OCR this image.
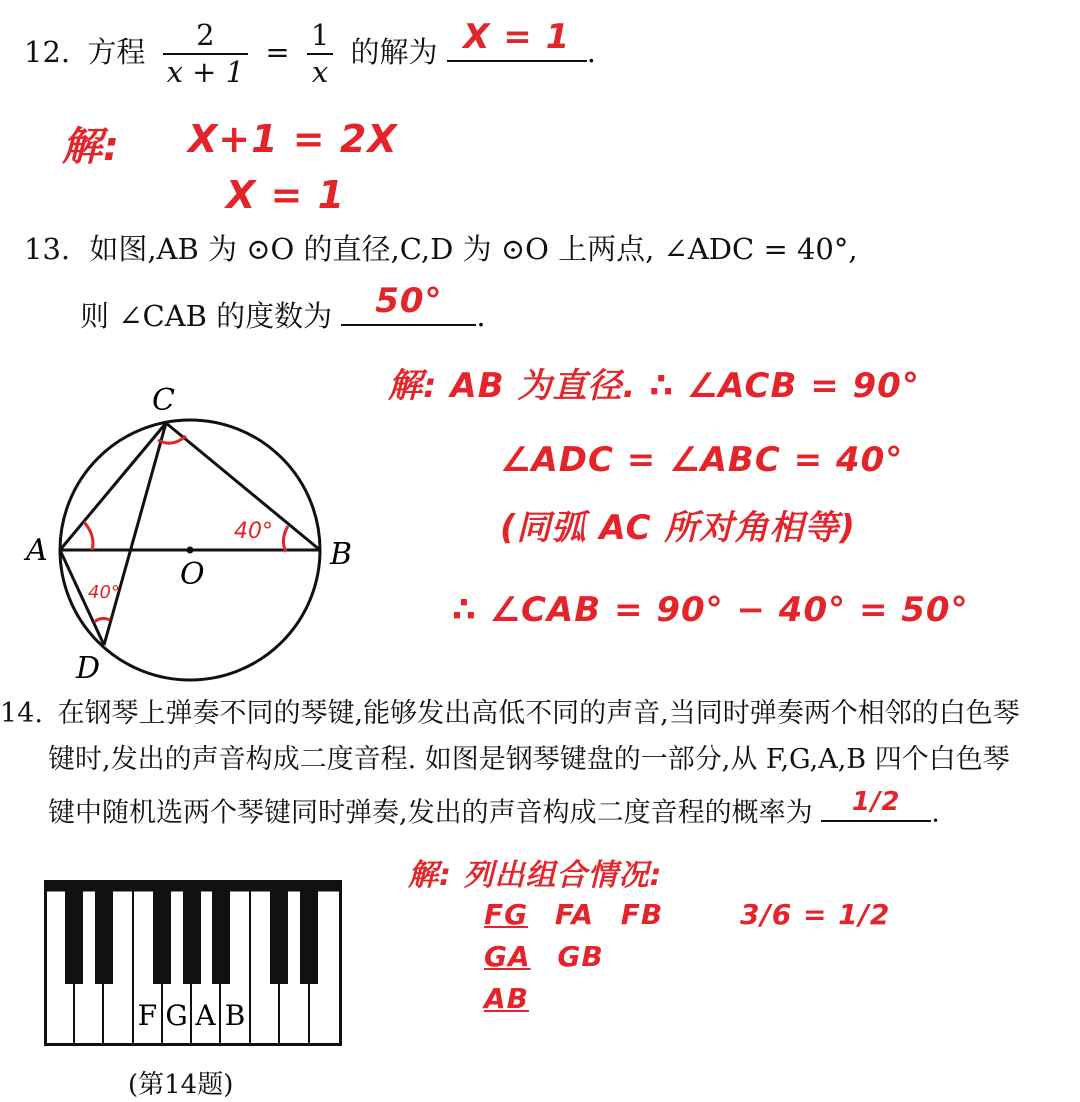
12. 方程 $\frac{2}{x + 1} = \frac{1}{x}$ 的解为 X = 1 .
解: X+1 = 2X
X = 1
13. 如图,AB 为 ⊙O 的直径,C,D 为 ⊙O 上两点, ∠ADC = 40°,
则 ∠CAB 的度数为	50°	.
40°
40°
C
A	B
O
D
解: AB 为直径. ∴ ∠ACB = 90°
∠ADC = ∠ABC = 40°
(同弧 AC 所对角相等)
∴ ∠CAB = 90° − 40° = 50°
14. 在钢琴上弹奏不同的琴键,能够发出高低不同的声音,当同时弹奏两个相邻的白色琴
键时,发出的声音构成二度音程. 如图是钢琴键盘的一部分,从 F,G,A,B 四个白色琴
键中随机选两个琴键同时弹奏,发出的声音构成二度音程的概率为	1/2	.
F G A B
(第14题)
解: 列出组合情况:
FG FA FB
GA GB
AB
3/6 = 1/2
